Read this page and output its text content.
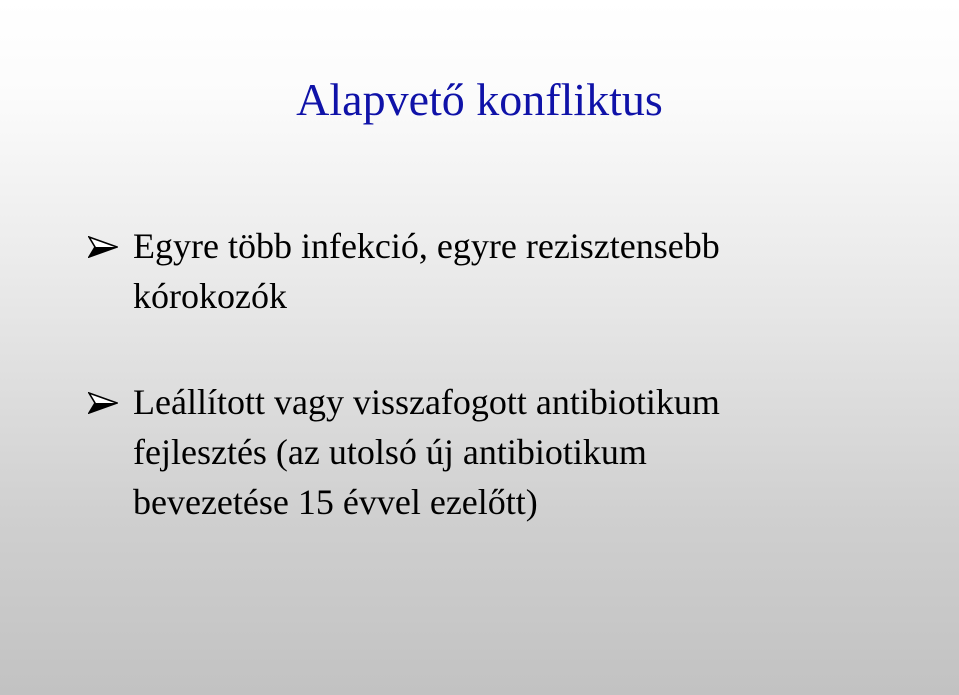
Alapvető konfliktus
Egyre több infekció, egyre rezisztensebb
kórokozók
Leállított vagy visszafogott antibiotikum
fejlesztés (az utolsó új antibiotikum
bevezetése 15 évvel ezelőtt)
